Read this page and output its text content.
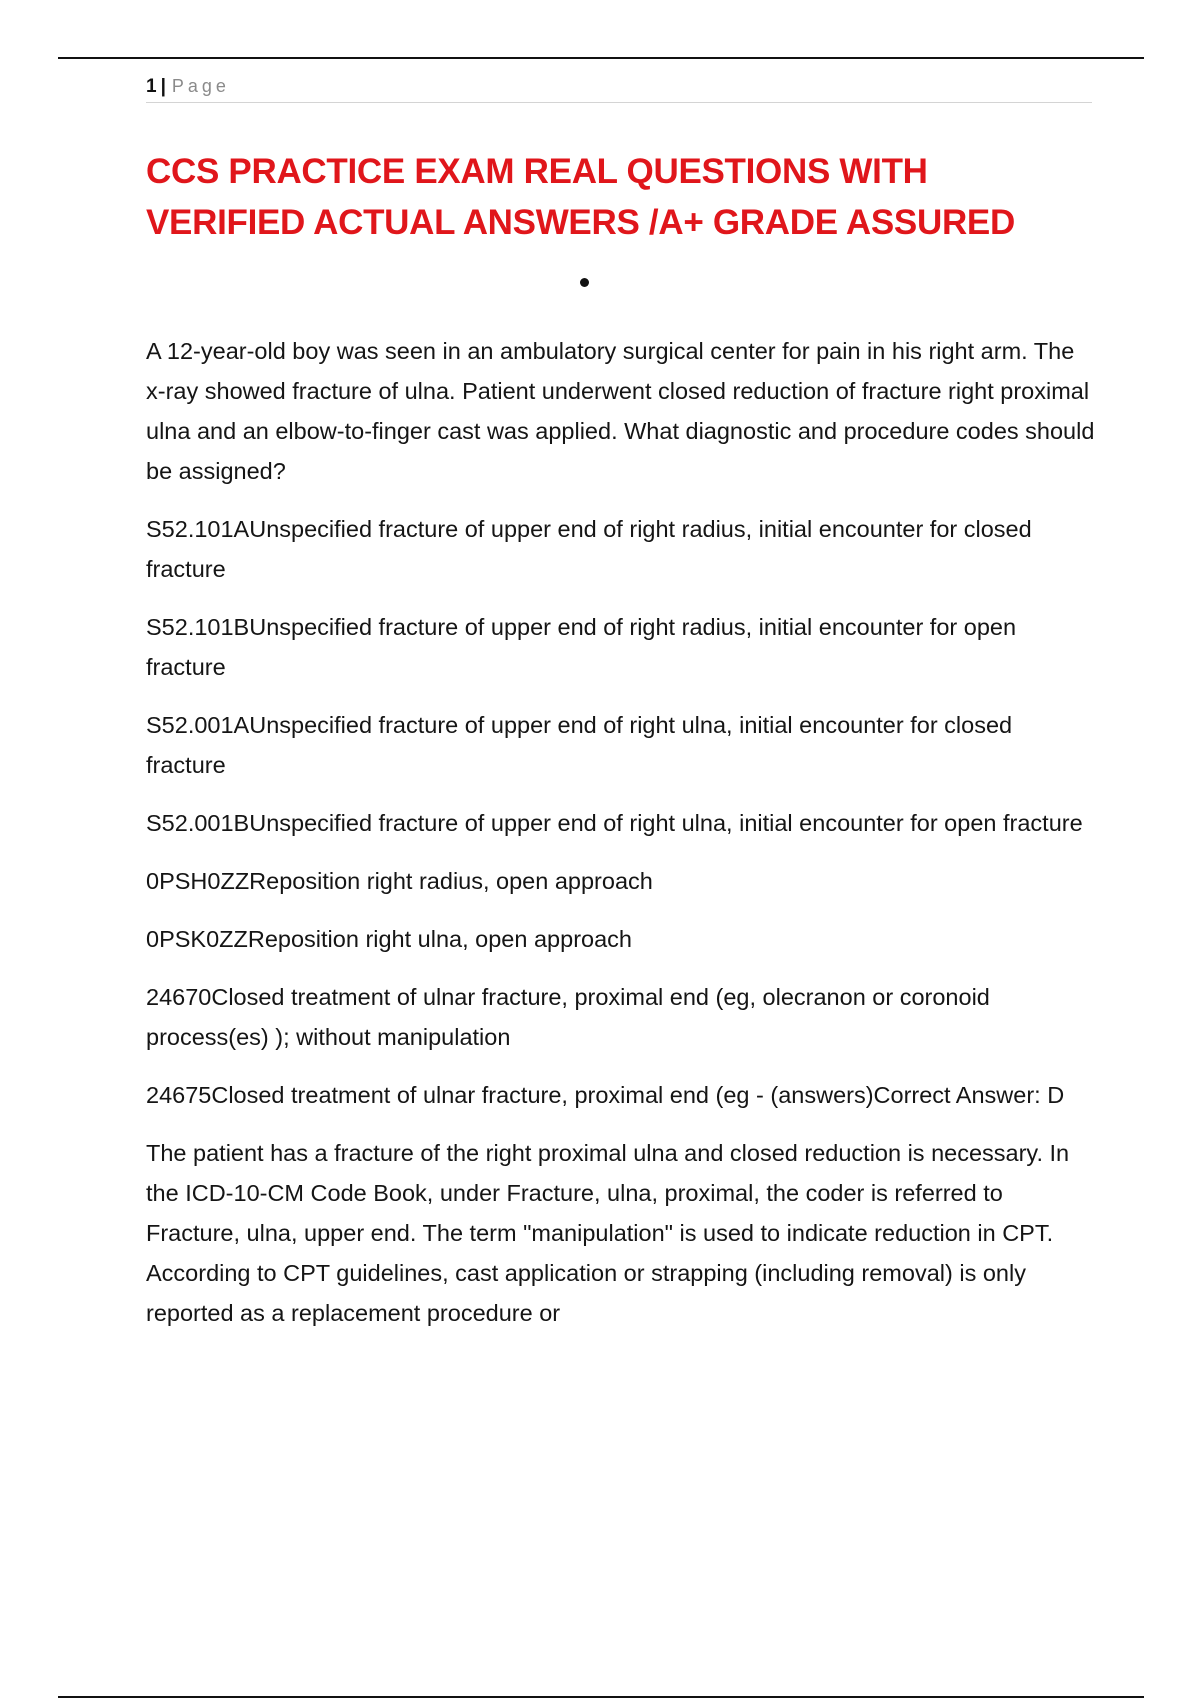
1 | Page
CCS PRACTICE EXAM REAL QUESTIONS WITH
VERIFIED ACTUAL ANSWERS /A+ GRADE ASSURED

A 12-year-old boy was seen in an ambulatory surgical center for pain in his right arm. The x-ray showed fracture of ulna. Patient underwent closed reduction of fracture right proximal ulna and an elbow-to-finger cast was applied. What diagnostic and procedure codes should be assigned?

S52.101AUnspecified fracture of upper end of right radius, initial encounter for closed fracture

S52.101BUnspecified fracture of upper end of right radius, initial encounter for open fracture

S52.001AUnspecified fracture of upper end of right ulna, initial encounter for closed fracture

S52.001BUnspecified fracture of upper end of right ulna, initial encounter for open fracture

0PSH0ZZReposition right radius, open approach

0PSK0ZZReposition right ulna, open approach

24670Closed treatment of ulnar fracture, proximal end (eg, olecranon or coronoid process(es) ); without manipulation

24675Closed treatment of ulnar fracture, proximal end (eg - (answers)Correct Answer: D

The patient has a fracture of the right proximal ulna and closed reduction is necessary. In the ICD-10-CM Code Book, under Fracture, ulna, proximal, the coder is referred to Fracture, ulna, upper end. The term "manipulation" is used to indicate reduction in CPT. According to CPT guidelines, cast application or strapping (including removal) is only reported as a replacement procedure or
